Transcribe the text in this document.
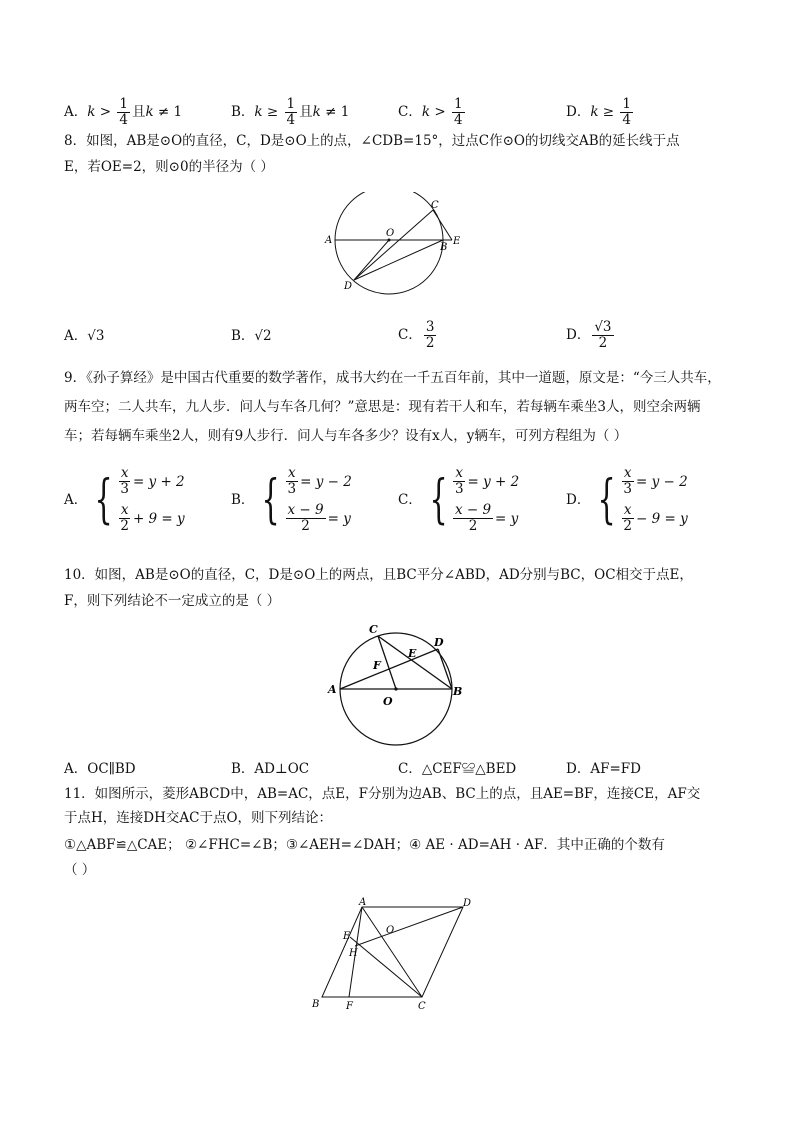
A．$k > \frac{1}{4}$ 且k ≠ 1	B．$k \ge \frac{1}{4}$ 且k ≠ 1	C．$k > \frac{1}{4}$	D．$k \ge \frac{1}{4}$
8．如图，AB是⊙O的直径，C，D是⊙O上的点，∠CDB=15°，过点C作⊙O的切线交AB的延长线于点
E，若OE=2，则⊙0的半径为（ ）
A
O
C
B
E
D
A．√3	B．√2	C． $\frac{3}{2}$	D． $\frac{√3}{2}$
9．《孙子算经》是中国古代重要的数学著作，成书大约在一千五百年前，其中一道题，原文是：“今三人共车，
两车空；二人共车，九人步．问人与车各几何？”意思是：现有若干人和车，若每辆车乘坐3人，则空余两辆
车；若每辆车乘坐2人，则有9人步行．问人与车各多少？设有x人，y辆车，可列方程组为（ ）
A． { $\frac{x}{3} = y + 2$
$\frac{x}{2} + 9 = y$
B． { $\frac{x}{3} = y - 2$
$\frac{x - 9}{2} = y$
C． { $\frac{x}{3} = y + 2$
$\frac{x - 9}{2} = y$
D． { $\frac{x}{3} = y - 2$
$\frac{x}{2} - 9 = y$
10．如图，AB是⊙O的直径，C，D是⊙O上的两点，且BC平分∠ABD，AD分别与BC，OC相交于点E，
F，则下列结论不一定成立的是（ ）
C
D
E
F
A
O
B
A．OC∥BD	B．AD⊥OC	C．△CEF≌△BED	D．AF=FD
11．如图所示，菱形ABCD中，AB=AC，点E，F分别为边AB、BC上的点，且AE=BF，连接CE，AF交
于点H，连接DH交AC于点O，则下列结论：
①△ABF≌△CAE； ②∠FHC=∠B；③∠AEH=∠DAH；④ AE · AD=AH · AF．其中正确的个数有
（ ）
A	D
E
O
H
B	F	C
